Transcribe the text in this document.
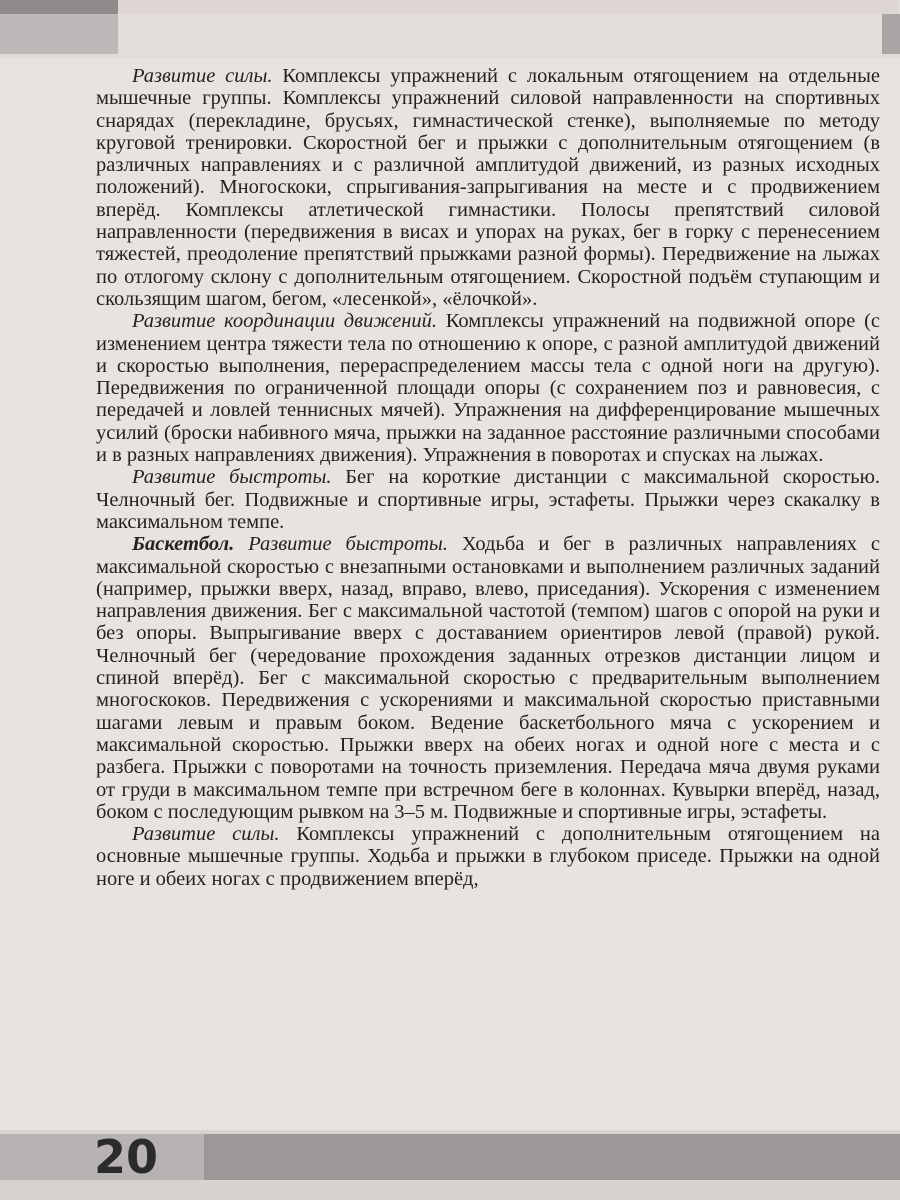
Развитие силы. Комплексы упражнений с локальным отягощением на отдельные мышечные группы. Комплексы упражнений силовой направленности на спортивных снарядах (перекладине, брусьях, гимнастической стенке), выполняемые по методу круговой тренировки. Скоростной бег и прыжки с дополнительным отягощением (в различных направлениях и с различной амплитудой движений, из разных исходных положений). Многоскоки, спрыгивания-запрыгивания на месте и с продвижением вперёд. Комплексы атлетической гимнастики. Полосы препятствий силовой направленности (передвижения в висах и упорах на руках, бег в горку с перенесением тяжестей, преодоление препятствий прыжками разной формы). Передвижение на лыжах по отлогому склону с дополнительным отягощением. Скоростной подъём ступающим и скользящим шагом, бегом, «лесенкой», «ёлочкой».

Развитие координации движений. Комплексы упражнений на подвижной опоре (с изменением центра тяжести тела по отношению к опоре, с разной амплитудой движений и скоростью выполнения, перераспределением массы тела с одной ноги на другую). Передвижения по ограниченной площади опоры (с сохранением поз и равновесия, с передачей и ловлей теннисных мячей). Упражнения на дифференцирование мышечных усилий (броски набивного мяча, прыжки на заданное расстояние различными способами и в разных направлениях движения). Упражнения в поворотах и спусках на лыжах.

Развитие быстроты. Бег на короткие дистанции с максимальной скоростью. Челночный бег. Подвижные и спортивные игры, эстафеты. Прыжки через скакалку в максимальном темпе.

Баскетбол. Развитие быстроты. Ходьба и бег в различных направлениях с максимальной скоростью с внезапными остановками и выполнением различных заданий (например, прыжки вверх, назад, вправо, влево, приседания). Ускорения с изменением направления движения. Бег с максимальной частотой (темпом) шагов с опорой на руки и без опоры. Выпрыгивание вверх с доставанием ориентиров левой (правой) рукой. Челночный бег (чередование прохождения заданных отрезков дистанции лицом и спиной вперёд). Бег с максимальной скоростью с предварительным выполнением многоскоков. Передвижения с ускорениями и максимальной скоростью приставными шагами левым и правым боком. Ведение баскетбольного мяча с ускорением и максимальной скоростью. Прыжки вверх на обеих ногах и одной ноге с места и с разбега. Прыжки с поворотами на точность приземления. Передача мяча двумя руками от груди в максимальном темпе при встречном беге в колоннах. Кувырки вперёд, назад, боком с последующим рывком на 3–5 м. Подвижные и спортивные игры, эстафеты.

Развитие силы. Комплексы упражнений с дополнительным отягощением на основные мышечные группы. Ходьба и прыжки в глубоком приседе. Прыжки на одной ноге и обеих ногах с продвижением вперёд,

20
